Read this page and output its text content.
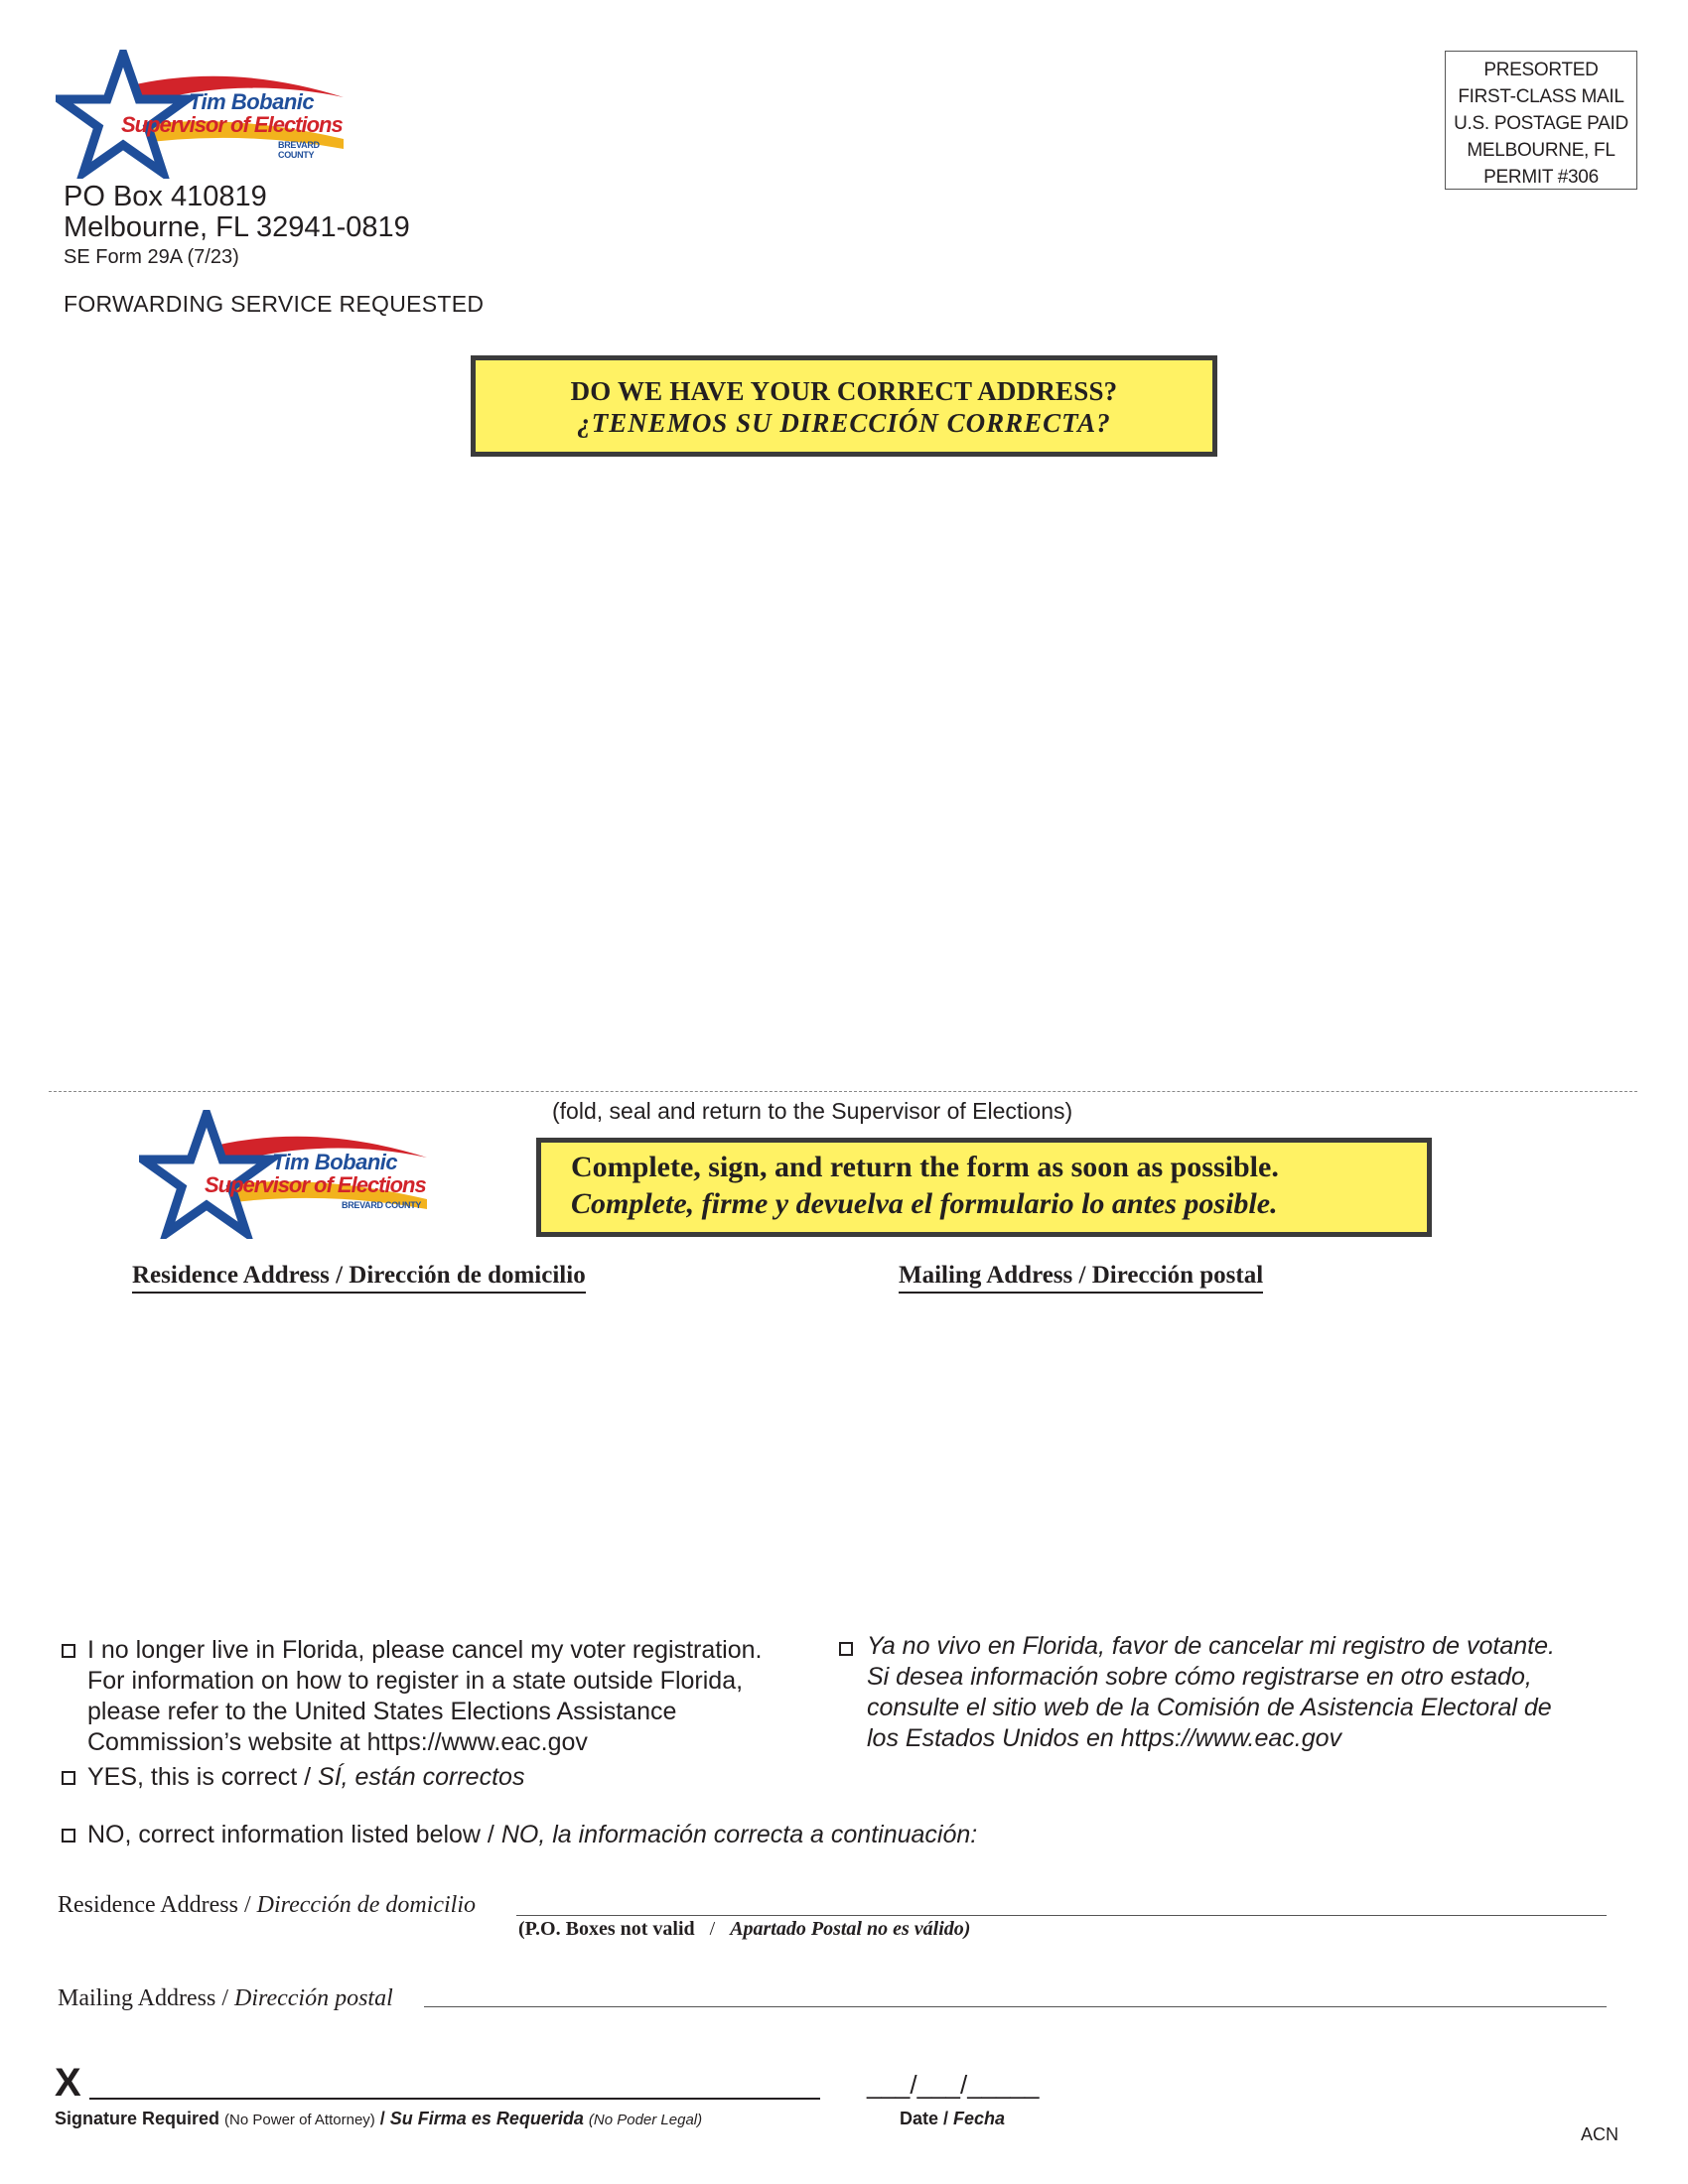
Tim Bobanic
Supervisor of Elections
BREVARD COUNTY
PO Box 410819
Melbourne, FL 32941-0819
SE Form 29A (7/23)
FORWARDING SERVICE REQUESTED
PRESORTED
FIRST-CLASS MAIL
U.S. POSTAGE PAID
MELBOURNE, FL
PERMIT #306
DO WE HAVE YOUR CORRECT ADDRESS?
¿TENEMOS SU DIRECCIÓN CORRECTA?
(fold, seal and return to the Supervisor of Elections)
Tim Bobanic
Supervisor of Elections
BREVARD COUNTY
Complete, sign, and return the form as soon as possible.
Complete, firme y devuelva el formulario lo antes posible.
Residence Address / Dirección de domicilio	Mailing Address / Dirección postal
I no longer live in Florida, please cancel my voter registration.
For information on how to register in a state outside Florida,
please refer to the United States Elections Assistance
Commission’s website at https://www.eac.gov
Ya no vivo en Florida, favor de cancelar mi registro de votante.
Si desea información sobre cómo registrarse en otro estado,
consulte el sitio web de la Comisión de Asistencia Electoral de
los Estados Unidos en https://www.eac.gov
YES, this is correct / SÍ, están correctos
NO, correct information listed below / NO, la información correcta a continuación:
Residence Address / Dirección de domicilio
(P.O. Boxes not valid / Apartado Postal no es válido)
Mailing Address / Dirección postal
X	___/___/_____
Signature Required (No Power of Attorney) / Su Firma es Requerida (No Poder Legal)	Date / Fecha
ACN
